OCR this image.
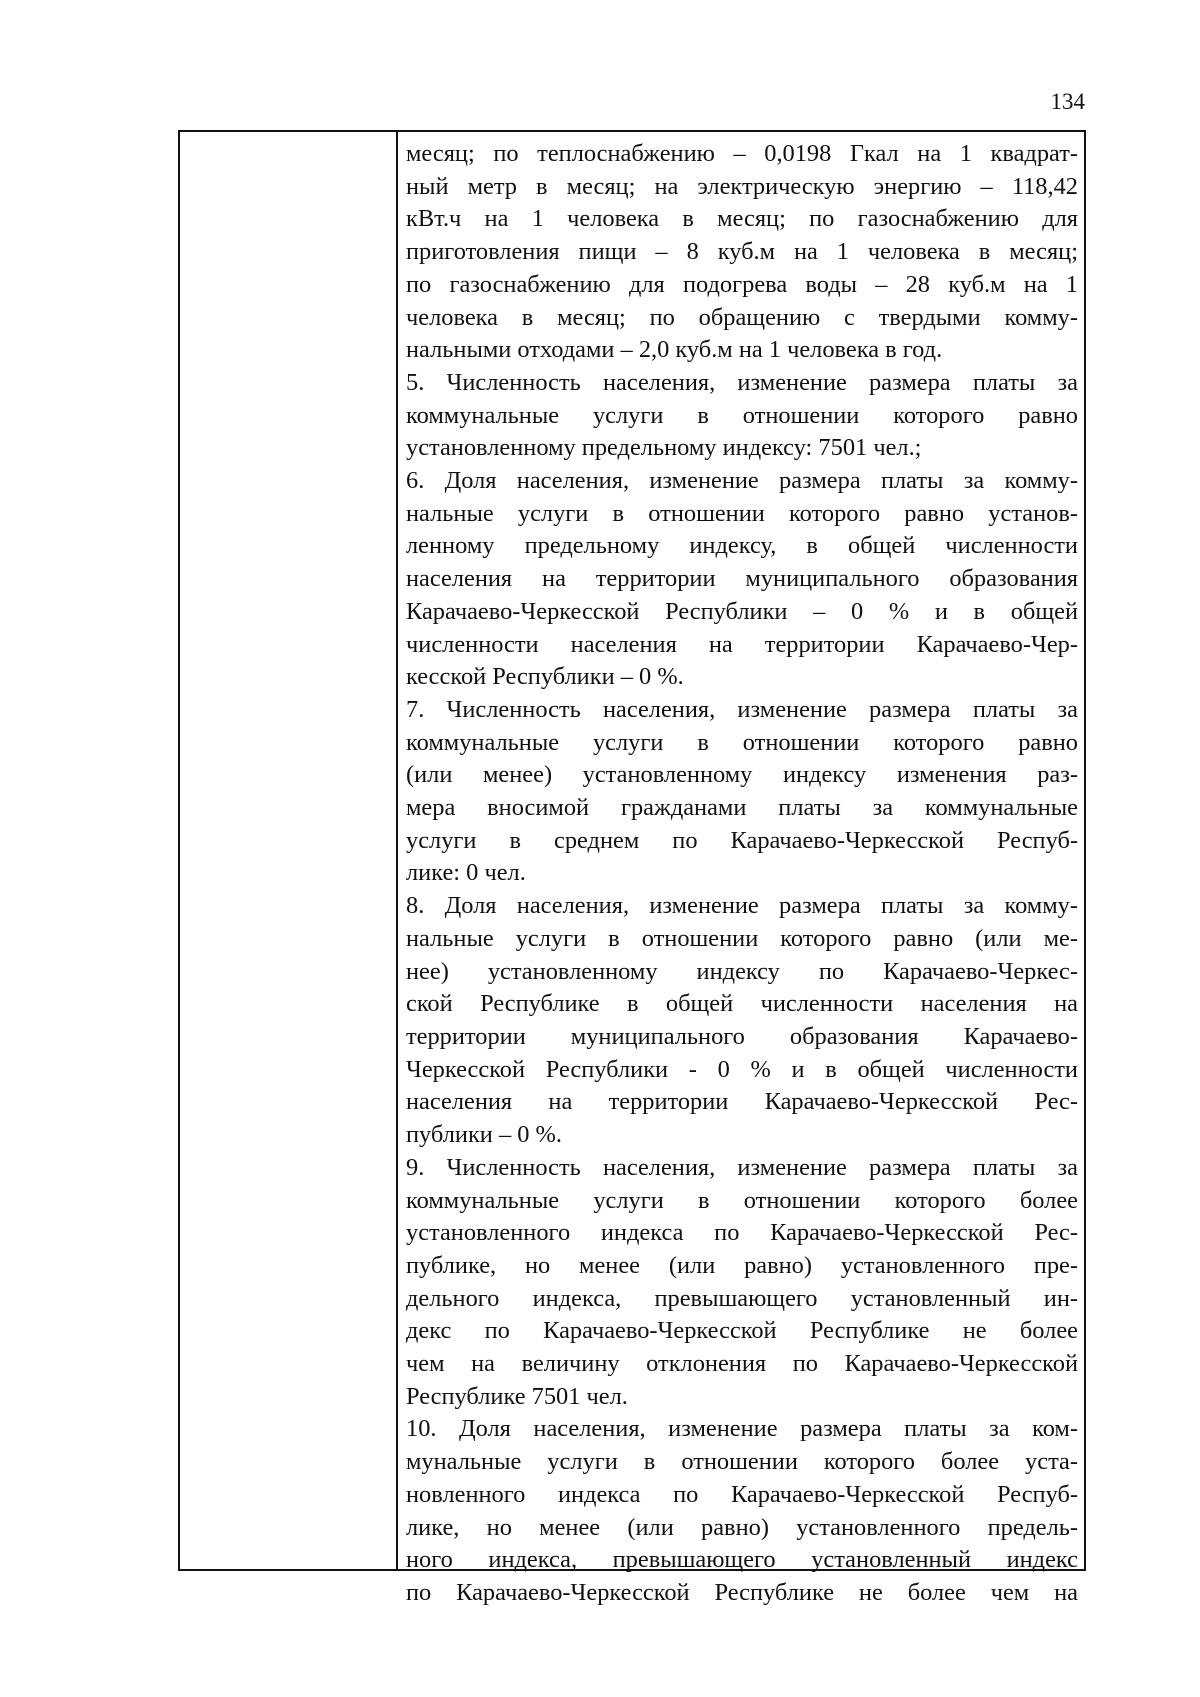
134
месяц; по теплоснабжению – 0,0198 Гкал на 1 квадрат-
ный метр в месяц; на электрическую энергию – 118,42
кВт.ч на 1 человека в месяц; по газоснабжению для
приготовления пищи – 8 куб.м на 1 человека в месяц;
по газоснабжению для подогрева воды – 28 куб.м на 1
человека в месяц; по обращению с твердыми комму-
нальными отходами – 2,0 куб.м на 1 человека в год.
5. Численность населения, изменение размера платы за
коммунальные услуги в отношении которого равно
установленному предельному индексу: 7501 чел.;
6. Доля населения, изменение размера платы за комму-
нальные услуги в отношении которого равно установ-
ленному предельному индексу, в общей численности
населения на территории муниципального образования
Карачаево-Черкесской Республики – 0 % и в общей
численности населения на территории Карачаево-Чер-
кесской Республики – 0 %.
7. Численность населения, изменение размера платы за
коммунальные услуги в отношении которого равно
(или менее) установленному индексу изменения раз-
мера вносимой гражданами платы за коммунальные
услуги в среднем по Карачаево-Черкесской Респуб-
лике: 0 чел.
8. Доля населения, изменение размера платы за комму-
нальные услуги в отношении которого равно (или ме-
нее) установленному индексу по Карачаево-Черкес-
ской Республике в общей численности населения на
территории муниципального образования Карачаево-
Черкесской Республики - 0 % и в общей численности
населения на территории Карачаево-Черкесской Рес-
публики – 0 %.
9. Численность населения, изменение размера платы за
коммунальные услуги в отношении которого более
установленного индекса по Карачаево-Черкесской Рес-
публике, но менее (или равно) установленного пре-
дельного индекса, превышающего установленный ин-
декс по Карачаево-Черкесской Республике не более
чем на величину отклонения по Карачаево-Черкесской
Республике 7501 чел.
10. Доля населения, изменение размера платы за ком-
мунальные услуги в отношении которого более уста-
новленного индекса по Карачаево-Черкесской Респуб-
лике, но менее (или равно) установленного предель-
ного индекса, превышающего установленный индекс
по Карачаево-Черкесской Республике не более чем на
